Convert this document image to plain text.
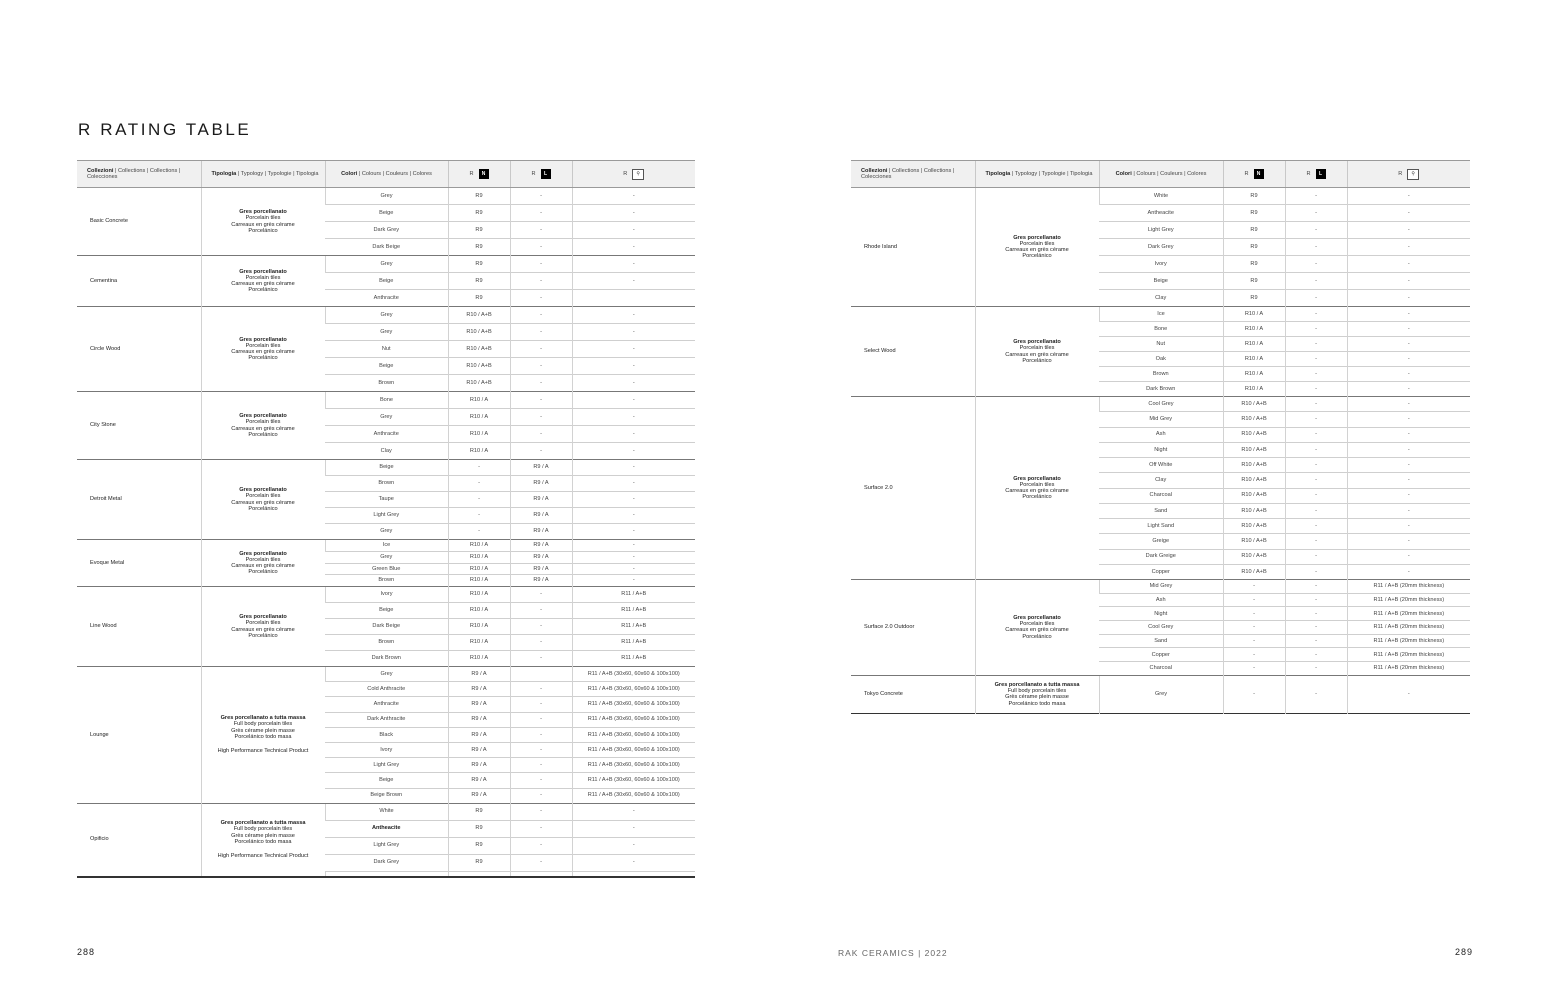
R RATING TABLE
Collezioni | Collections | Collections | Colecciones	Tipologia | Typology | Typologie | Tipologia	Colori | Colours | Couleurs | Colores	R N	R L	R ⚲
Basic Concrete	Gres porcellanato
Porcelain tiles
Carreaux en grès cérame
Porcelánico	Grey	R9	-	-
		Beige	R9	-	-
		Dark Grey	R9	-	-
		Dark Beige	R9	-	-
Cementina	Gres porcellanato
Porcelain tiles
Carreaux en grès cérame
Porcelánico	Grey	R9	-	-
		Beige	R9	-	-
		Anthracite	R9	-	
Circle Wood	Gres porcellanato
Porcelain tiles
Carreaux en grès cérame
Porcelánico	Grey	R10 / A+B	-	-
		Grey	R10 / A+B	-	-
		Nut	R10 / A+B	-	-
		Beige	R10 / A+B	-	-
		Brown	R10 / A+B	-	-
City Stone	Gres porcellanato
Porcelain tiles
Carreaux en grès cérame
Porcelánico	Bone	R10 / A	-	-
		Grey	R10 / A	-	-
		Anthracite	R10 / A	-	-
		Clay	R10 / A	-	-
Detroit Metal	Gres porcellanato
Porcelain tiles
Carreaux en grès cérame
Porcelánico	Beige	-	R9 / A	-
		Brown	-	R9 / A	-
		Taupe	-	R9 / A	-
		Light Grey	-	R9 / A	-
		Grey	-	R9 / A	-
Evoque Metal	Gres porcellanato
Porcelain tiles
Carreaux en grès cérame
Porcelánico	Ice	R10 / A	R9 / A	-
		Grey	R10 / A	R9 / A	-
		Green Blue	R10 / A	R9 / A	-
		Brown	R10 / A	R9 / A	-
Line Wood	Gres porcellanato
Porcelain tiles
Carreaux en grès cérame
Porcelánico	Ivory	R10 / A	-	R11 / A+B
		Beige	R10 / A	-	R11 / A+B
		Dark Beige	R10 / A	-	R11 / A+B
		Brown	R10 / A	-	R11 / A+B
		Dark Brown	R10 / A	-	R11 / A+B
Lounge	Gres porcellanato a tutta massa
Full body porcelain tiles
Grès cérame plein masse
Porcelánico todo masa
High Performance Technical Product	Grey	R9 / A		R11 / A+B (30x60, 60x60 & 100x100)
		Cold Anthracite	R9 / A	-	R11 / A+B (30x60, 60x60 & 100x100)
		Anthracite	R9 / A	-	R11 / A+B (30x60, 60x60 & 100x100)
		Dark Anthracite	R9 / A	-	R11 / A+B (30x60, 60x60 & 100x100)
		Black	R9 / A	-	R11 / A+B (30x60, 60x60 & 100x100)
		Ivory	R9 / A	-	R11 / A+B (30x60, 60x60 & 100x100)
		Light Grey	R9 / A	-	R11 / A+B (30x60, 60x60 & 100x100)
		Beige	R9 / A	-	R11 / A+B (30x60, 60x60 & 100x100)
		Beige Brown	R9 / A	-	R11 / A+B (30x60, 60x60 & 100x100)
Opificio	Gres porcellanato a tutta massa
Full body porcelain tiles
Grès cérame plein masse
Porcelánico todo masa
High Performance Technical Product	White	R9	-	-
		Antheacite	R9	-	-
		Light Grey	R9	-	-
		Dark Grey	R9	-	-

Collezioni | Collections | Collections | Colecciones	Tipologia | Typology | Typologie | Tipologia	Colori | Colours | Couleurs | Colores	R N	R L	R ⚲
Rhode Island	Gres porcellanato
Porcelain tiles
Carreaux en grès cérame
Porcelánico	White	R9	-	-
		Antheacite	R9	-	-
		Light Grey	R9	-	-
		Dark Grey	R9	-	-
		Ivory	R9	-	-
		Beige	R9	-	-
		Clay	R9	-	-
Select Wood	Gres porcellanato
Porcelain tiles
Carreaux en grès cérame
Porcelánico	Ice	R10 / A	-	-
		Bone	R10 / A	-	-
		Nut	R10 / A	-	-
		Oak	R10 / A	-	-
		Brown	R10 / A	-	-
		Dark Brown	R10 / A	-	-
Surface 2.0	Gres porcellanato
Porcelain tiles
Carreaux en grès cérame
Porcelánico	Cool Grey	R10 / A+B	-	-
		Mid Grey	R10 / A+B	-	-
		Ash	R10 / A+B	-	-
		Night	R10 / A+B	-	-
		Off White	R10 / A+B	-	-
		Clay	R10 / A+B	-	-
		Charcoal	R10 / A+B	-	-
		Sand	R10 / A+B	-	-
		Light Sand	R10 / A+B	-	-
		Greige	R10 / A+B	-	-
		Dark Greige	R10 / A+B	-	-
		Copper	R10 / A+B	-	-
Surface 2.0 Outdoor	Gres porcellanato
Porcelain tiles
Carreaux en grès cérame
Porcelánico	Mid Grey	-	-	R11 / A+B (20mm thickness)
		Ash	-	-	R11 / A+B (20mm thickness)
		Night	-	-	R11 / A+B (20mm thickness)
		Cool Grey	-	-	R11 / A+B (20mm thickness)
		Sand	-	-	R11 / A+B (20mm thickness)
		Copper	-	-	R11 / A+B (20mm thickness)
		Charcoal	-	-	R11 / A+B (20mm thickness)
Tokyo Concrete	Gres porcellanato a tutta massa
Full body porcelain tiles
Grès cérame plein masse
Porcelánico todo masa	Grey	-	-	-

288	RAK CERAMICS | 2022	289
